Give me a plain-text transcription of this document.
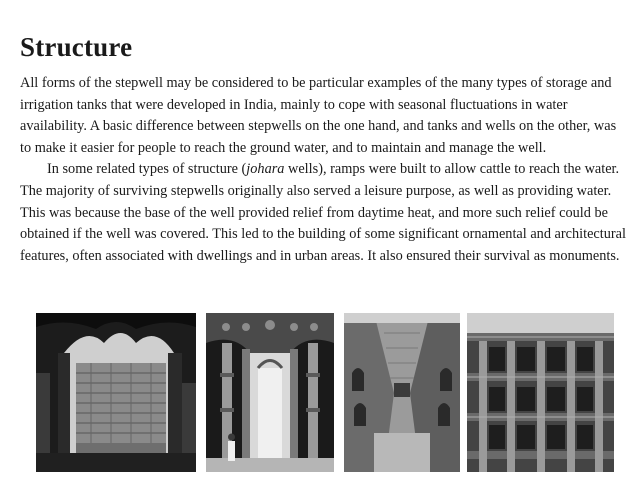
Structure

All forms of the stepwell may be considered to be particular examples of the many types of storage and irrigation tanks that were developed in India, mainly to cope with seasonal fluctuations in water availability. A basic difference between stepwells on the one hand, and tanks and wells on the other, was to make it easier for people to reach the ground water, and to maintain and manage the well.

In some related types of structure (johara wells), ramps were built to allow cattle to reach the water. The majority of surviving stepwells originally also served a leisure purpose, as well as providing water. This was because the base of the well provided relief from daytime heat, and more such relief could be obtained if the well was covered. This led to the building of some significant ornamental and architectural features, often associated with dwellings and in urban areas. It also ensured their survival as monuments.
